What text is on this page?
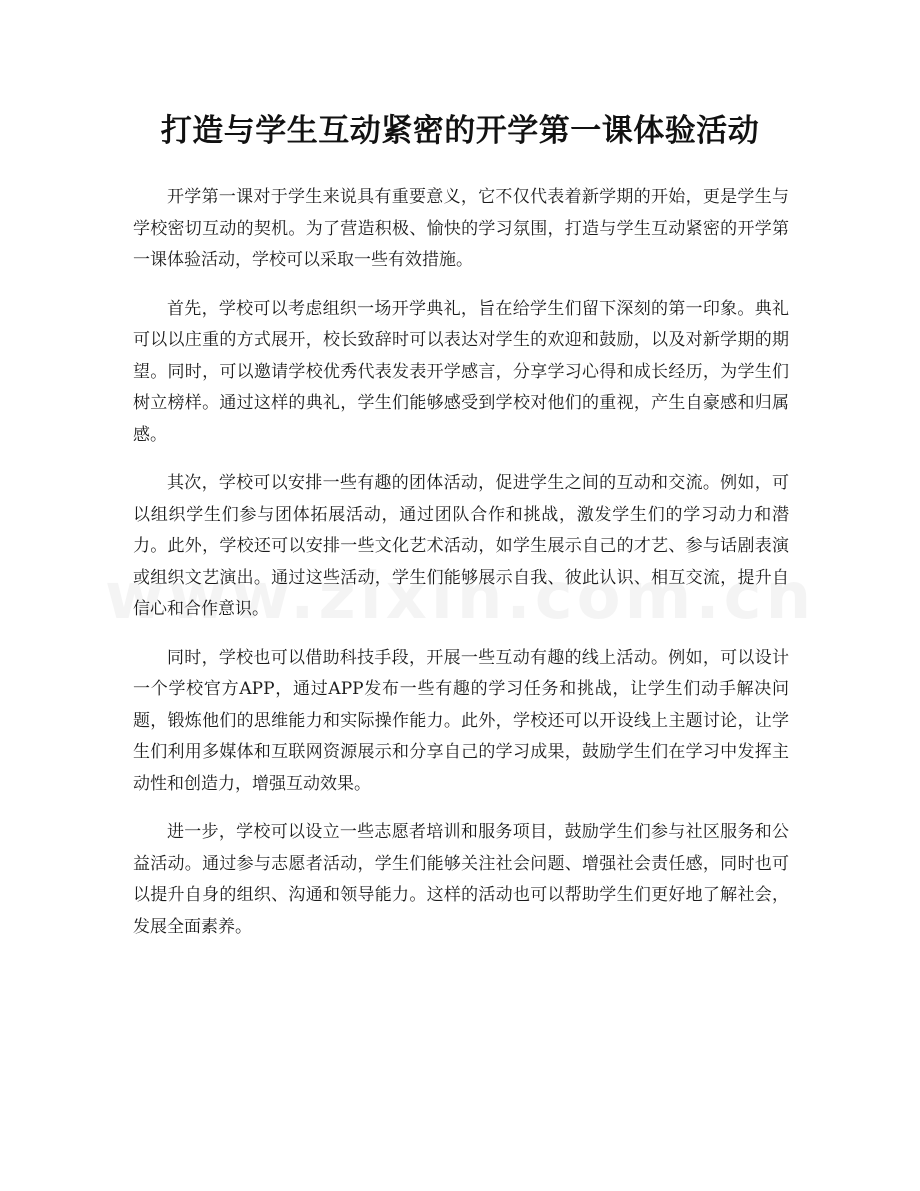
打造与学生互动紧密的开学第一课体验活动

开学第一课对于学生来说具有重要意义，它不仅代表着新学期的开始，更是学生与学校密切互动的契机。为了营造积极、愉快的学习氛围，打造与学生互动紧密的开学第一课体验活动，学校可以采取一些有效措施。

首先，学校可以考虑组织一场开学典礼，旨在给学生们留下深刻的第一印象。典礼可以以庄重的方式展开，校长致辞时可以表达对学生的欢迎和鼓励，以及对新学期的期望。同时，可以邀请学校优秀代表发表开学感言，分享学习心得和成长经历，为学生们树立榜样。通过这样的典礼，学生们能够感受到学校对他们的重视，产生自豪感和归属感。

其次，学校可以安排一些有趣的团体活动，促进学生之间的互动和交流。例如，可以组织学生们参与团体拓展活动，通过团队合作和挑战，激发学生们的学习动力和潜力。此外，学校还可以安排一些文化艺术活动，如学生展示自己的才艺、参与话剧表演或组织文艺演出。通过这些活动，学生们能够展示自我、彼此认识、相互交流，提升自信心和合作意识。

同时，学校也可以借助科技手段，开展一些互动有趣的线上活动。例如，可以设计一个学校官方APP，通过APP发布一些有趣的学习任务和挑战，让学生们动手解决问题，锻炼他们的思维能力和实际操作能力。此外，学校还可以开设线上主题讨论，让学生们利用多媒体和互联网资源展示和分享自己的学习成果，鼓励学生们在学习中发挥主动性和创造力，增强互动效果。

进一步，学校可以设立一些志愿者培训和服务项目，鼓励学生们参与社区服务和公益活动。通过参与志愿者活动，学生们能够关注社会问题、增强社会责任感，同时也可以提升自身的组织、沟通和领导能力。这样的活动也可以帮助学生们更好地了解社会，发展全面素养。
